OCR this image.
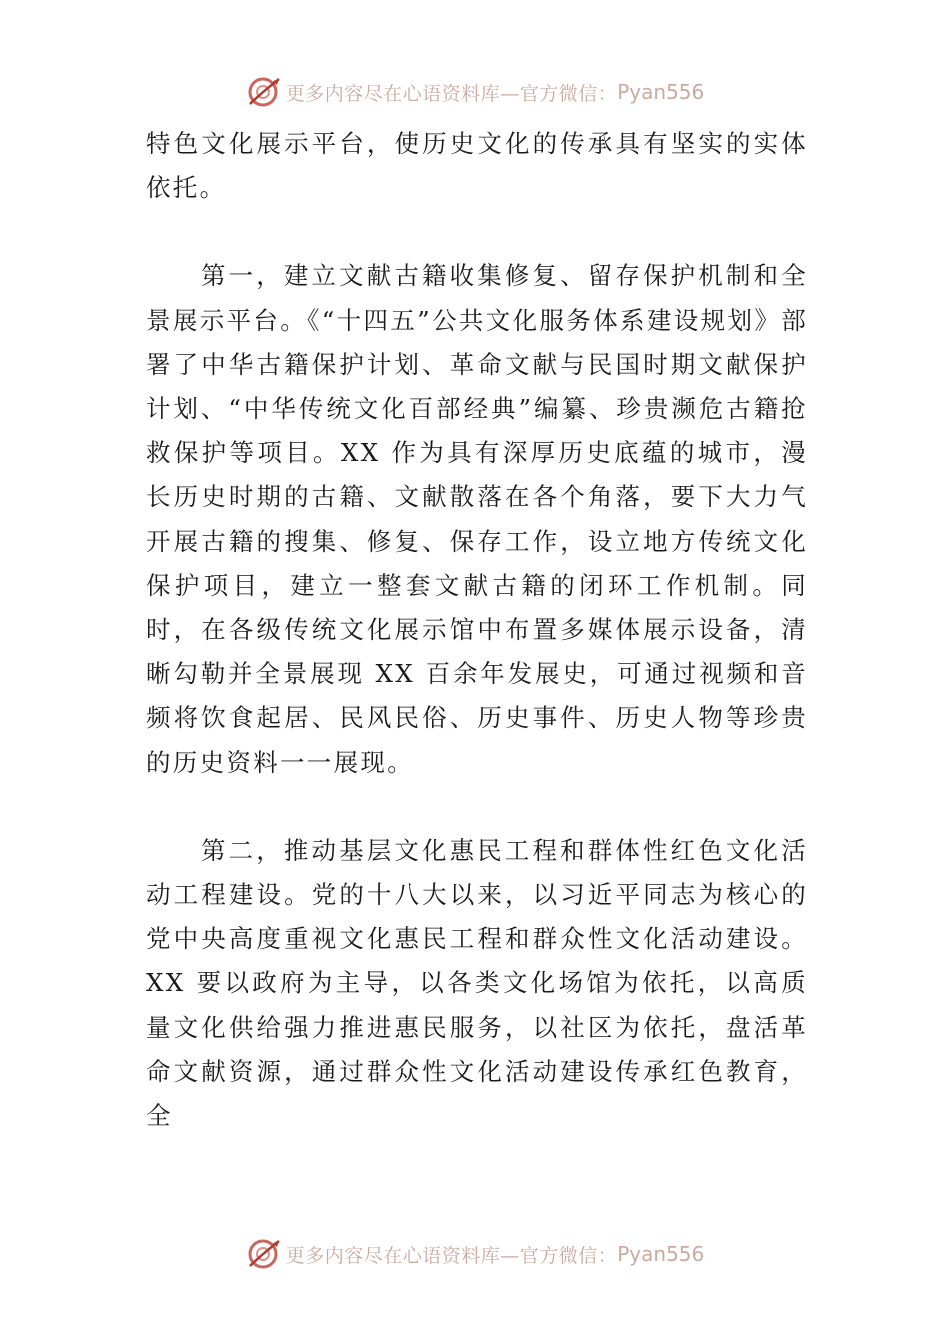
更多内容尽在心语资料库—官方微信： Pyan556

特色文化展示平台，使历史文化的传承具有坚实的实体依托。

第一，建立文献古籍收集修复、留存保护机制和全景展示平台。《“十四五”公共文化服务体系建设规划》部署了中华古籍保护计划、革命文献与民国时期文献保护计划、“中华传统文化百部经典”编纂、珍贵濒危古籍抢救保护等项目。XX 作为具有深厚历史底蕴的城市，漫长历史时期的古籍、文献散落在各个角落，要下大力气开展古籍的搜集、修复、保存工作，设立地方传统文化保护项目，建立一整套文献古籍的闭环工作机制。同时，在各级传统文化展示馆中布置多媒体展示设备，清晰勾勒并全景展现 XX 百余年发展史，可通过视频和音频将饮食起居、民风民俗、历史事件、历史人物等珍贵的历史资料一一展现。

第二，推动基层文化惠民工程和群体性红色文化活动工程建设。党的十八大以来，以习近平同志为核心的党中央高度重视文化惠民工程和群众性文化活动建设。XX 要以政府为主导，以各类文化场馆为依托，以高质量文化供给强力推进惠民服务，以社区为依托，盘活革命文献资源，通过群众性文化活动建设传承红色教育，全

更多内容尽在心语资料库—官方微信： Pyan556
